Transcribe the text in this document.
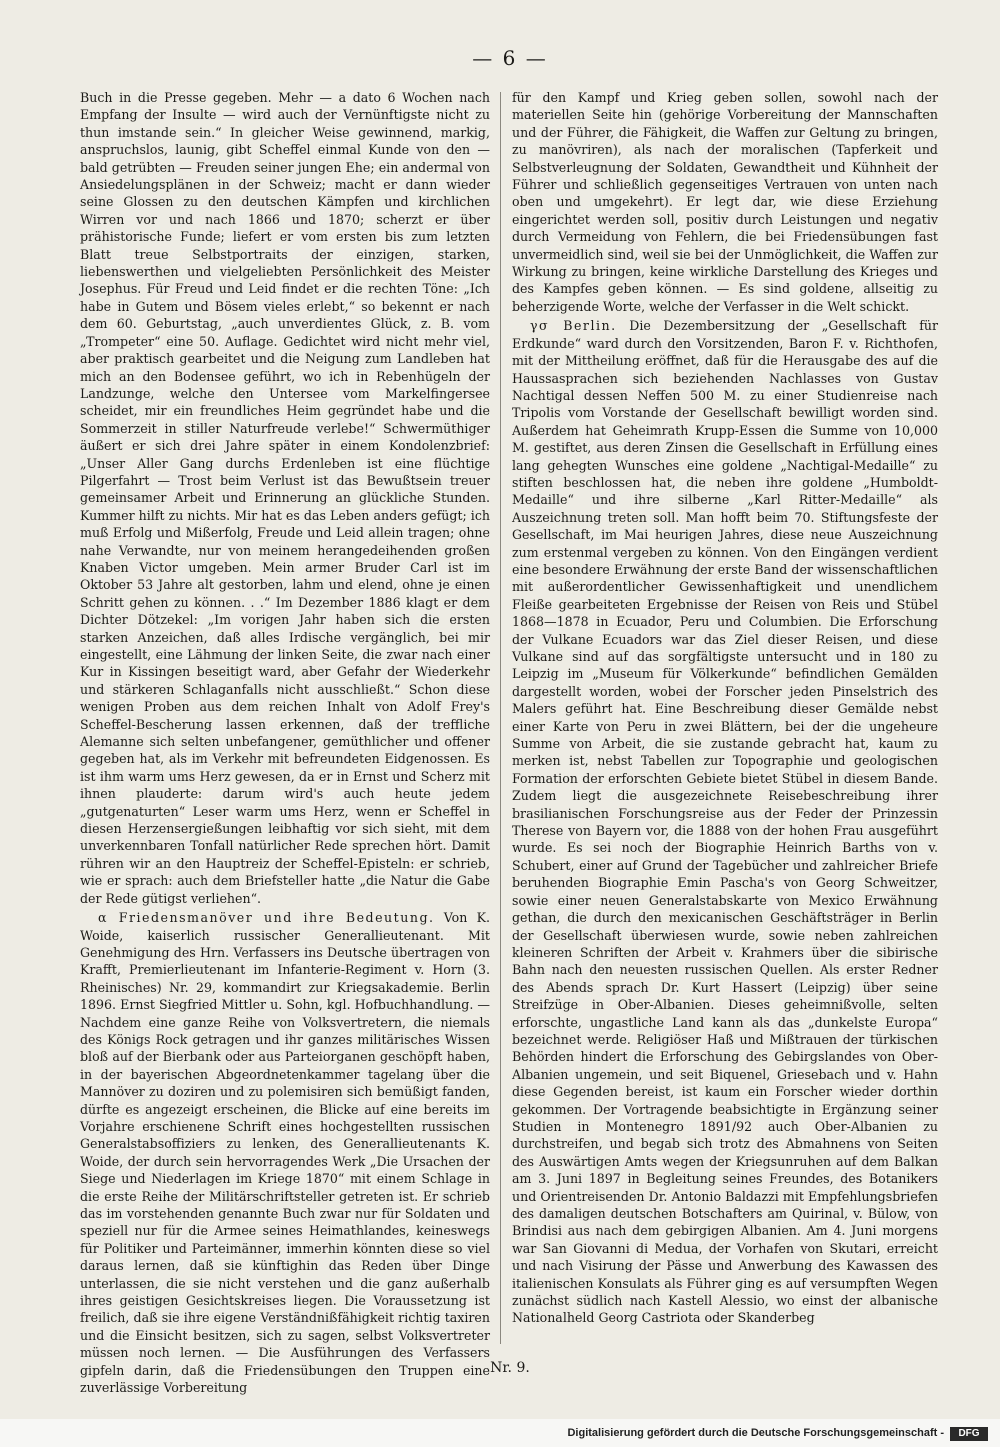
— 6 —

Buch in die Presse gegeben. Mehr — a dato 6 Wochen nach Empfang der Insulte — wird auch der Vernünftigste nicht zu thun imstande sein.“ In gleicher Weise gewinnend, markig, anspruchslos, launig, gibt Scheffel einmal Kunde von den — bald getrübten — Freuden seiner jungen Ehe; ein andermal von Ansiedelungsplänen in der Schweiz; macht er dann wieder seine Glossen zu den deutschen Kämpfen und kirchlichen Wirren vor und nach 1866 und 1870; scherzt er über prähistorische Funde; liefert er vom ersten bis zum letzten Blatt treue Selbstportraits der einzigen, starken, liebenswerthen und vielgeliebten Persönlichkeit des Meister Josephus. Für Freud und Leid findet er die rechten Töne: „Ich habe in Gutem und Bösem vieles erlebt,“ so bekennt er nach dem 60. Geburtstag, „auch unverdientes Glück, z. B. vom „Trompeter“ eine 50. Auflage. Gedichtet wird nicht mehr viel, aber praktisch gearbeitet und die Neigung zum Landleben hat mich an den Bodensee geführt, wo ich in Rebenhügeln der Landzunge, welche den Untersee vom Markelfingersee scheidet, mir ein freundliches Heim gegründet habe und die Sommerzeit in stiller Naturfreude verlebe!“ Schwermüthiger äußert er sich drei Jahre später in einem Kondolenzbrief: „Unser Aller Gang durchs Erdenleben ist eine flüchtige Pilgerfahrt — Trost beim Verlust ist das Bewußtsein treuer gemeinsamer Arbeit und Erinnerung an glückliche Stunden. Kummer hilft zu nichts. Mir hat es das Leben anders gefügt; ich muß Erfolg und Mißerfolg, Freude und Leid allein tragen; ohne nahe Verwandte, nur von meinem herangedeihenden großen Knaben Victor umgeben. Mein armer Bruder Carl ist im Oktober 53 Jahre alt gestorben, lahm und elend, ohne je einen Schritt gehen zu können. . .“ Im Dezember 1886 klagt er dem Dichter Dötzekel: „Im vorigen Jahr haben sich die ersten starken Anzeichen, daß alles Irdische vergänglich, bei mir eingestellt, eine Lähmung der linken Seite, die zwar nach einer Kur in Kissingen beseitigt ward, aber Gefahr der Wiederkehr und stärkeren Schlaganfalls nicht ausschließt.“ Schon diese wenigen Proben aus dem reichen Inhalt von Adolf Frey's Scheffel-Bescherung lassen erkennen, daß der treffliche Alemanne sich selten unbefangener, gemüthlicher und offener gegeben hat, als im Verkehr mit befreundeten Eidgenossen. Es ist ihm warm ums Herz gewesen, da er in Ernst und Scherz mit ihnen plauderte: darum wird's auch heute jedem „gutgenaturten“ Leser warm ums Herz, wenn er Scheffel in diesen Herzensergießungen leibhaftig vor sich sieht, mit dem unverkennbaren Tonfall natürlicher Rede sprechen hört. Damit rühren wir an den Hauptreiz der Scheffel-Episteln: er schrieb, wie er sprach: auch dem Briefsteller hatte „die Natur die Gabe der Rede gütigst verliehen“.

α Friedensmanöver und ihre Bedeutung. Von K. Woide, kaiserlich russischer Generallieutenant. Mit Genehmigung des Hrn. Verfassers ins Deutsche übertragen von Krafft, Premierlieutenant im Infanterie-Regiment v. Horn (3. Rheinisches) Nr. 29, kommandirt zur Kriegsakademie. Berlin 1896. Ernst Siegfried Mittler u. Sohn, kgl. Hofbuchhandlung. — Nachdem eine ganze Reihe von Volksvertretern, die niemals des Königs Rock getragen und ihr ganzes militärisches Wissen bloß auf der Bierbank oder aus Parteiorganen geschöpft haben, in der bayerischen Abgeordnetenkammer tagelang über die Mannöver zu doziren und zu polemisiren sich bemüßigt fanden, dürfte es angezeigt erscheinen, die Blicke auf eine bereits im Vorjahre erschienene Schrift eines hochgestellten russischen Generalstabsoffiziers zu lenken, des Generallieutenants K. Woide, der durch sein hervorragendes Werk „Die Ursachen der Siege und Niederlagen im Kriege 1870“ mit einem Schlage in die erste Reihe der Militärschriftsteller getreten ist. Er schrieb das im vorstehenden genannte Buch zwar nur für Soldaten und speziell nur für die Armee seines Heimathlandes, keineswegs für Politiker und Parteimänner, immerhin könnten diese so viel daraus lernen, daß sie künftighin das Reden über Dinge unterlassen, die sie nicht verstehen und die ganz außerhalb ihres geistigen Gesichtskreises liegen. Die Voraussetzung ist freilich, daß sie ihre eigene Verständnißfähigkeit richtig taxiren und die Einsicht besitzen, sich zu sagen, selbst Volksvertreter müssen noch lernen. — Die Ausführungen des Verfassers gipfeln darin, daß die Friedensübungen den Truppen eine zuverlässige Vorbereitung

für den Kampf und Krieg geben sollen, sowohl nach der materiellen Seite hin (gehörige Vorbereitung der Mannschaften und der Führer, die Fähigkeit, die Waffen zur Geltung zu bringen, zu manövriren), als nach der moralischen (Tapferkeit und Selbstverleugnung der Soldaten, Gewandtheit und Kühnheit der Führer und schließlich gegenseitiges Vertrauen von unten nach oben und umgekehrt). Er legt dar, wie diese Erziehung eingerichtet werden soll, positiv durch Leistungen und negativ durch Vermeidung von Fehlern, die bei Friedensübungen fast unvermeidlich sind, weil sie bei der Unmöglichkeit, die Waffen zur Wirkung zu bringen, keine wirkliche Darstellung des Krieges und des Kampfes geben können. — Es sind goldene, allseitig zu beherzigende Worte, welche der Verfasser in die Welt schickt.

γσ Berlin. Die Dezembersitzung der „Gesellschaft für Erdkunde“ ward durch den Vorsitzenden, Baron F. v. Richthofen, mit der Mittheilung eröffnet, daß für die Herausgabe des auf die Haussasprachen sich beziehenden Nachlasses von Gustav Nachtigal dessen Neffen 500 M. zu einer Studienreise nach Tripolis vom Vorstande der Gesellschaft bewilligt worden sind. Außerdem hat Geheimrath Krupp-Essen die Summe von 10,000 M. gestiftet, aus deren Zinsen die Gesellschaft in Erfüllung eines lang gehegten Wunsches eine goldene „Nachtigal-Medaille“ zu stiften beschlossen hat, die neben ihre goldene „Humboldt-Medaille“ und ihre silberne „Karl Ritter-Medaille“ als Auszeichnung treten soll. Man hofft beim 70. Stiftungsfeste der Gesellschaft, im Mai heurigen Jahres, diese neue Auszeichnung zum erstenmal vergeben zu können. Von den Eingängen verdient eine besondere Erwähnung der erste Band der wissenschaftlichen mit außerordentlicher Gewissenhaftigkeit und unendlichem Fleiße gearbeiteten Ergebnisse der Reisen von Reis und Stübel 1868—1878 in Ecuador, Peru und Columbien. Die Erforschung der Vulkane Ecuadors war das Ziel dieser Reisen, und diese Vulkane sind auf das sorgfältigste untersucht und in 180 zu Leipzig im „Museum für Völkerkunde“ befindlichen Gemälden dargestellt worden, wobei der Forscher jeden Pinselstrich des Malers geführt hat. Eine Beschreibung dieser Gemälde nebst einer Karte von Peru in zwei Blättern, bei der die ungeheure Summe von Arbeit, die sie zustande gebracht hat, kaum zu merken ist, nebst Tabellen zur Topographie und geologischen Formation der erforschten Gebiete bietet Stübel in diesem Bande. Zudem liegt die ausgezeichnete Reisebeschreibung ihrer brasilianischen Forschungsreise aus der Feder der Prinzessin Therese von Bayern vor, die 1888 von der hohen Frau ausgeführt wurde. Es sei noch der Biographie Heinrich Barths von v. Schubert, einer auf Grund der Tagebücher und zahlreicher Briefe beruhenden Biographie Emin Pascha's von Georg Schweitzer, sowie einer neuen Generalstabskarte von Mexico Erwähnung gethan, die durch den mexicanischen Geschäftsträger in Berlin der Gesellschaft überwiesen wurde, sowie neben zahlreichen kleineren Schriften der Arbeit v. Krahmers über die sibirische Bahn nach den neuesten russischen Quellen. Als erster Redner des Abends sprach Dr. Kurt Hassert (Leipzig) über seine Streifzüge in Ober-Albanien. Dieses geheimnißvolle, selten erforschte, ungastliche Land kann als das „dunkelste Europa“ bezeichnet werde. Religiöser Haß und Mißtrauen der türkischen Behörden hindert die Erforschung des Gebirgslandes von Ober-Albanien ungemein, und seit Biquenel, Griesebach und v. Hahn diese Gegenden bereist, ist kaum ein Forscher wieder dorthin gekommen. Der Vortragende beabsichtigte in Ergänzung seiner Studien in Montenegro 1891/92 auch Ober-Albanien zu durchstreifen, und begab sich trotz des Abmahnens von Seiten des Auswärtigen Amts wegen der Kriegsunruhen auf dem Balkan am 3. Juni 1897 in Begleitung seines Freundes, des Botanikers und Orientreisenden Dr. Antonio Baldazzi mit Empfehlungsbriefen des damaligen deutschen Botschafters am Quirinal, v. Bülow, von Brindisi aus nach dem gebirgigen Albanien. Am 4. Juni morgens war San Giovanni di Medua, der Vorhafen von Skutari, erreicht und nach Visirung der Pässe und Anwerbung des Kawassen des italienischen Konsulats als Führer ging es auf versumpften Wegen zunächst südlich nach Kastell Alessio, wo einst der albanische Nationalheld Georg Castriota oder Skanderbeg

Nr. 9.
Digitalisierung gefördert durch die Deutsche Forschungsgemeinschaft -	DFG
